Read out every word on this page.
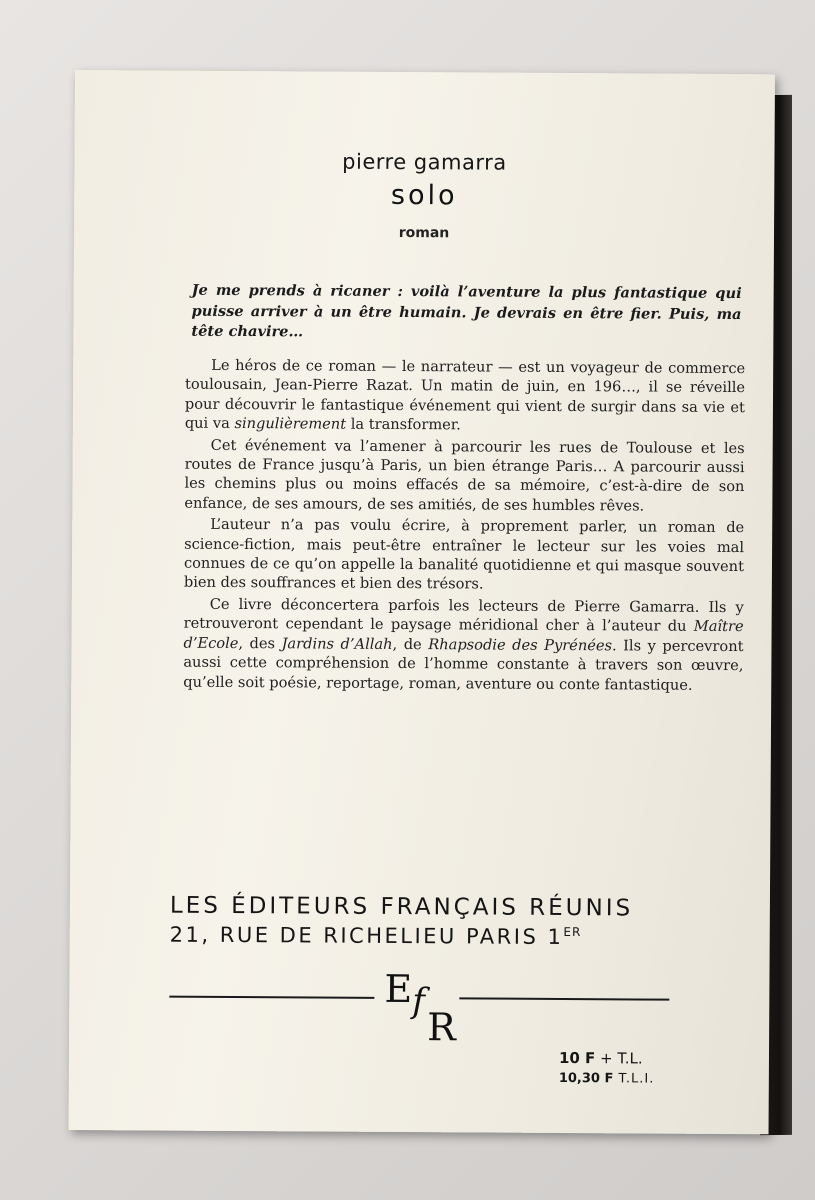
pierre gamarra
solo
roman
Je me prends à ricaner : voilà l’aventure la plus fantastique qui puisse arriver à un être humain. Je devrais en être fier. Puis, ma tête chavire…

Le héros de ce roman — le narrateur — est un voyageur de commerce toulousain, Jean-Pierre Razat. Un matin de juin, en 196…, il se réveille pour découvrir le fantastique événement qui vient de surgir dans sa vie et qui va singulièrement la transformer.

Cet événement va l’amener à parcourir les rues de Toulouse et les routes de France jusqu’à Paris, un bien étrange Paris… A parcourir aussi les chemins plus ou moins effacés de sa mémoire, c’est-à-dire de son enfance, de ses amours, de ses amitiés, de ses humbles rêves.

L’auteur n’a pas voulu écrire, à proprement parler, un roman de science-fiction, mais peut-être entraîner le lecteur sur les voies mal connues de ce qu’on appelle la banalité quotidienne et qui masque souvent bien des souffrances et bien des trésors.

Ce livre déconcertera parfois les lecteurs de Pierre Gamarra. Ils y retrouveront cependant le paysage méridional cher à l’auteur du Maître d’Ecole, des Jardins d’Allah, de Rhapsodie des Pyrénées. Ils y percevront aussi cette compréhension de l’homme constante à travers son œuvre, qu’elle soit poésie, reportage, roman, aventure ou conte fantastique.

LES ÉDITEURS FRANÇAIS RÉUNIS
21, RUE DE RICHELIEU PARIS 1ER
E f
R
10 F + T.L.
10,30 F T.L.I.
